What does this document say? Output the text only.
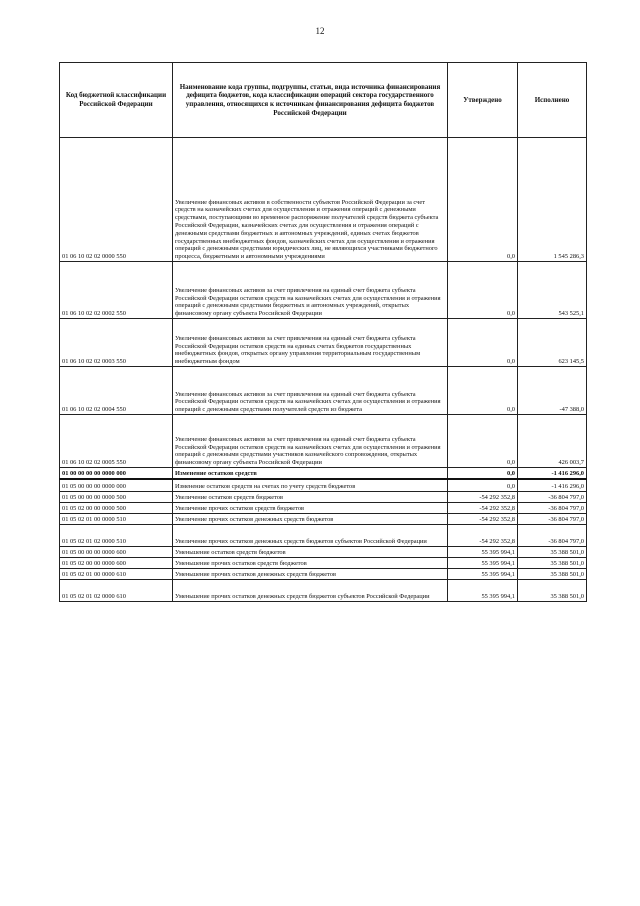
12
Код бюджетной классификации Российской Федерации	Наименование кода группы, подгруппы, статьи, вида источника финансирования дефицита бюджетов, кода классификации операций сектора государственного управления, относящихся к источникам финансирования дефицита бюджетов Российской Федерации	Утверждено	Исполнено
01 06 10 02 02 0000 550	Увеличение финансовых активов в собственности субъектов Российской Федерации за счет средств на казначейских счетах для осуществления и отражения операций с денежными средствами, поступающими во временное распоряжение получателей средств бюджета субъекта Российской Федерации, казначейских счетах для осуществления и отражения операций с денежными средствами бюджетных и автономных учреждений, единых счетах бюджетов государственных внебюджетных фондов, казначейских счетах для осуществления и отражения операций с денежными средствами юридических лиц, не являющихся участниками бюджетного процесса, бюджетными и автономными учреждениями	0,0	1 545 286,3
01 06 10 02 02 0002 550	Увеличение финансовых активов за счет привлечения на единый счет бюджета субъекта Российской Федерации остатков средств на казначейских счетах для осуществления и отражения операций с денежными средствами бюджетных и автономных учреждений, открытых финансовому органу субъекта Российской Федерации	0,0	543 525,1
01 06 10 02 02 0003 550	Увеличение финансовых активов за счет привлечения на единый счет бюджета субъекта Российской Федерации остатков средств на единых счетах бюджетов государственных внебюджетных фондов, открытых органу управления территориальным государственным внебюджетным фондом	0,0	623 145,5
01 06 10 02 02 0004 550	Увеличение финансовых активов за счет привлечения на единый счет бюджета субъекта Российской Федерации остатков средств на казначейских счетах для осуществления и отражения операций с денежными средствами получателей средств из бюджета	0,0	-47 388,0
01 06 10 02 02 0005 550	Увеличение финансовых активов за счет привлечения на единый счет бюджета субъекта Российской Федерации остатков средств на казначейских счетах для осуществления и отражения операций с денежными средствами участников казначейского сопровождения, открытых финансовому органу субъекта Российской Федерации	0,0	426 003,7
01 00 00 00 00 0000 000	Изменение остатков средств	0,0	-1 416 296,0
01 05 00 00 00 0000 000	Изменение остатков средств на счетах по учету средств бюджетов	0,0	-1 416 296,0
01 05 00 00 00 0000 500	Увеличение остатков средств бюджетов	-54 292 352,8	-36 804 797,0
01 05 02 00 00 0000 500	Увеличение прочих остатков средств бюджетов	-54 292 352,8	-36 804 797,0
01 05 02 01 00 0000 510	Увеличение прочих остатков денежных средств бюджетов	-54 292 352,8	-36 804 797,0
01 05 02 01 02 0000 510	Увеличение прочих остатков денежных средств бюджетов субъектов Российской Федерации	-54 292 352,8	-36 804 797,0
01 05 00 00 00 0000 600	Уменьшение остатков средств бюджетов	55 395 994,1	35 388 501,0
01 05 02 00 00 0000 600	Уменьшение прочих остатков средств бюджетов	55 395 994,1	35 388 501,0
01 05 02 01 00 0000 610	Уменьшение прочих остатков денежных средств бюджетов	55 395 994,1	35 388 501,0
01 05 02 01 02 0000 610	Уменьшение прочих остатков денежных средств бюджетов субъектов Российской Федерации	55 395 994,1	35 388 501,0
